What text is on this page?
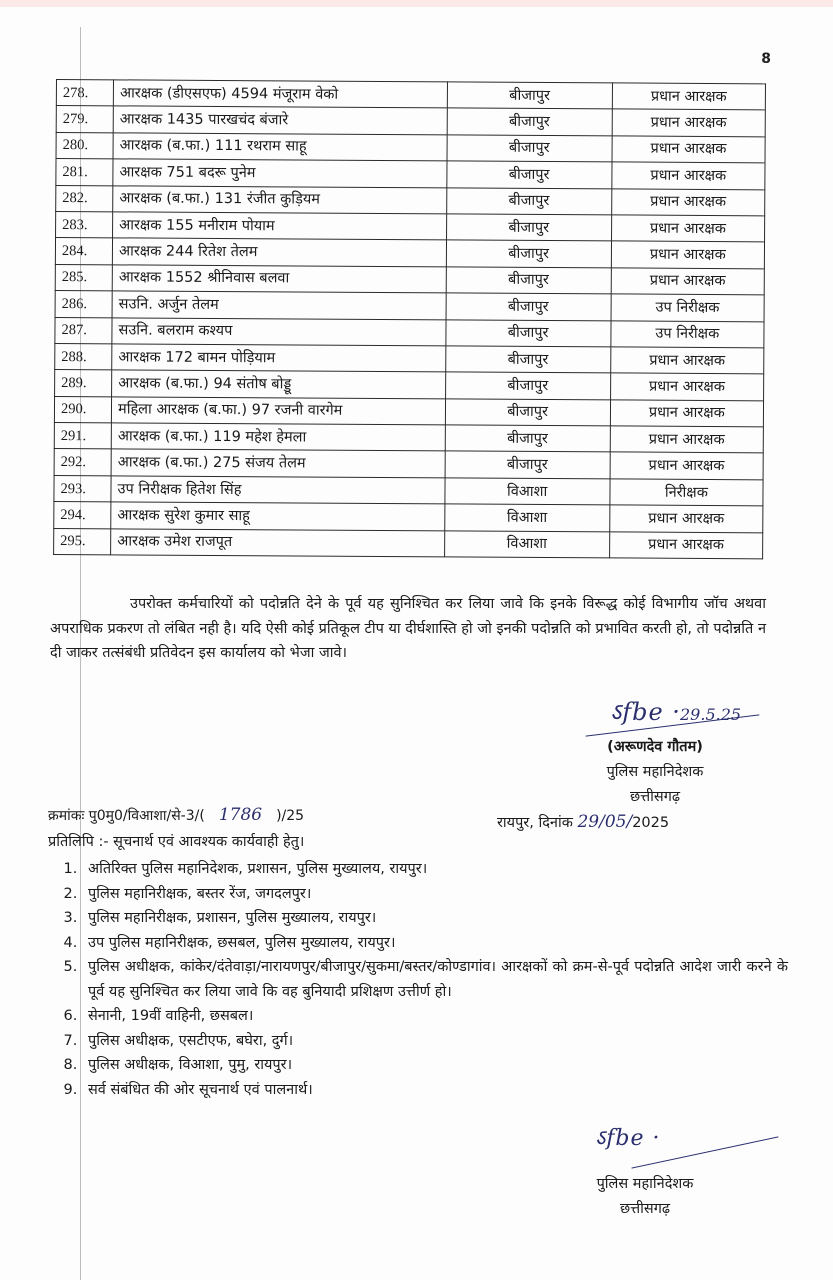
8
278.	आरक्षक (डीएसएफ) 4594 मंजूराम वेको	बीजापुर	प्रधान आरक्षक
279.	आरक्षक 1435 पारखचंद बंजारे	बीजापुर	प्रधान आरक्षक
280.	आरक्षक (ब.फा.) 111 रथराम साहू	बीजापुर	प्रधान आरक्षक
281.	आरक्षक 751 बदरू पुनेम	बीजापुर	प्रधान आरक्षक
282.	आरक्षक (ब.फा.) 131 रंजीत कुड़ियम	बीजापुर	प्रधान आरक्षक
283.	आरक्षक 155 मनीराम पोयाम	बीजापुर	प्रधान आरक्षक
284.	आरक्षक 244 रितेश तेलम	बीजापुर	प्रधान आरक्षक
285.	आरक्षक 1552 श्रीनिवास बलवा	बीजापुर	प्रधान आरक्षक
286.	सउनि. अर्जुन तेलम	बीजापुर	उप निरीक्षक
287.	सउनि. बलराम कश्यप	बीजापुर	उप निरीक्षक
288.	आरक्षक 172 बामन पोड़ियाम	बीजापुर	प्रधान आरक्षक
289.	आरक्षक (ब.फा.) 94 संतोष बोड्डू	बीजापुर	प्रधान आरक्षक
290.	महिला आरक्षक (ब.फा.) 97 रजनी वारगेम	बीजापुर	प्रधान आरक्षक
291.	आरक्षक (ब.फा.) 119 महेश हेमला	बीजापुर	प्रधान आरक्षक
292.	आरक्षक (ब.फा.) 275 संजय तेलम	बीजापुर	प्रधान आरक्षक
293.	उप निरीक्षक हितेश सिंह	विआशा	निरीक्षक
294.	आरक्षक सुरेश कुमार साहू	विआशा	प्रधान आरक्षक
295.	आरक्षक उमेश राजपूत	विआशा	प्रधान आरक्षक
उपरोक्त कर्मचारियों को पदोन्नति देने के पूर्व यह सुनिश्चित कर लिया जावे कि इनके विरूद्ध कोई विभागीय जॉच अथवा अपराधिक प्रकरण तो लंबित नही है। यदि ऐसी कोई प्रतिकूल टीप या दीर्घशास्ति हो जो इनकी पदोन्नति को प्रभावित करती हो, तो पदोन्नति न दी जाकर तत्संबंधी प्रतिवेदन इस कार्यालय को भेजा जावे।
ऽfbe · 29.5.25
(अरूणदेव गौतम)
पुलिस महानिदेशक
छत्तीसगढ़
क्रमांकः पु0मु0/विआशा/से-3/( 1786 )/25	रायपुर, दिनांक 29/05/2025
प्रतिलिपि :- सूचनार्थ एवं आवश्यक कार्यवाही हेतु।
1. अतिरिक्त पुलिस महानिदेशक, प्रशासन, पुलिस मुख्यालय, रायपुर।
2. पुलिस महानिरीक्षक, बस्तर रेंज, जगदलपुर।
3. पुलिस महानिरीक्षक, प्रशासन, पुलिस मुख्यालय, रायपुर।
4. उप पुलिस महानिरीक्षक, छसबल, पुलिस मुख्यालय, रायपुर।
5. पुलिस अधीक्षक, कांकेर/दंतेवाड़ा/नारायणपुर/बीजापुर/सुकमा/बस्तर/कोण्डागांव। आरक्षकों को क्रम-से-पूर्व पदोन्नति आदेश जारी करने के पूर्व यह सुनिश्चित कर लिया जावे कि वह बुनियादी प्रशिक्षण उत्तीर्ण हो।
6. सेनानी, 19वीं वाहिनी, छसबल।
7. पुलिस अधीक्षक, एसटीएफ, बघेरा, दुर्ग।
8. पुलिस अधीक्षक, विआशा, पुमु, रायपुर।
9. सर्व संबंधित की ओर सूचनार्थ एवं पालनार्थ।
ऽfbe ·
पुलिस महानिदेशक
छत्तीसगढ़
